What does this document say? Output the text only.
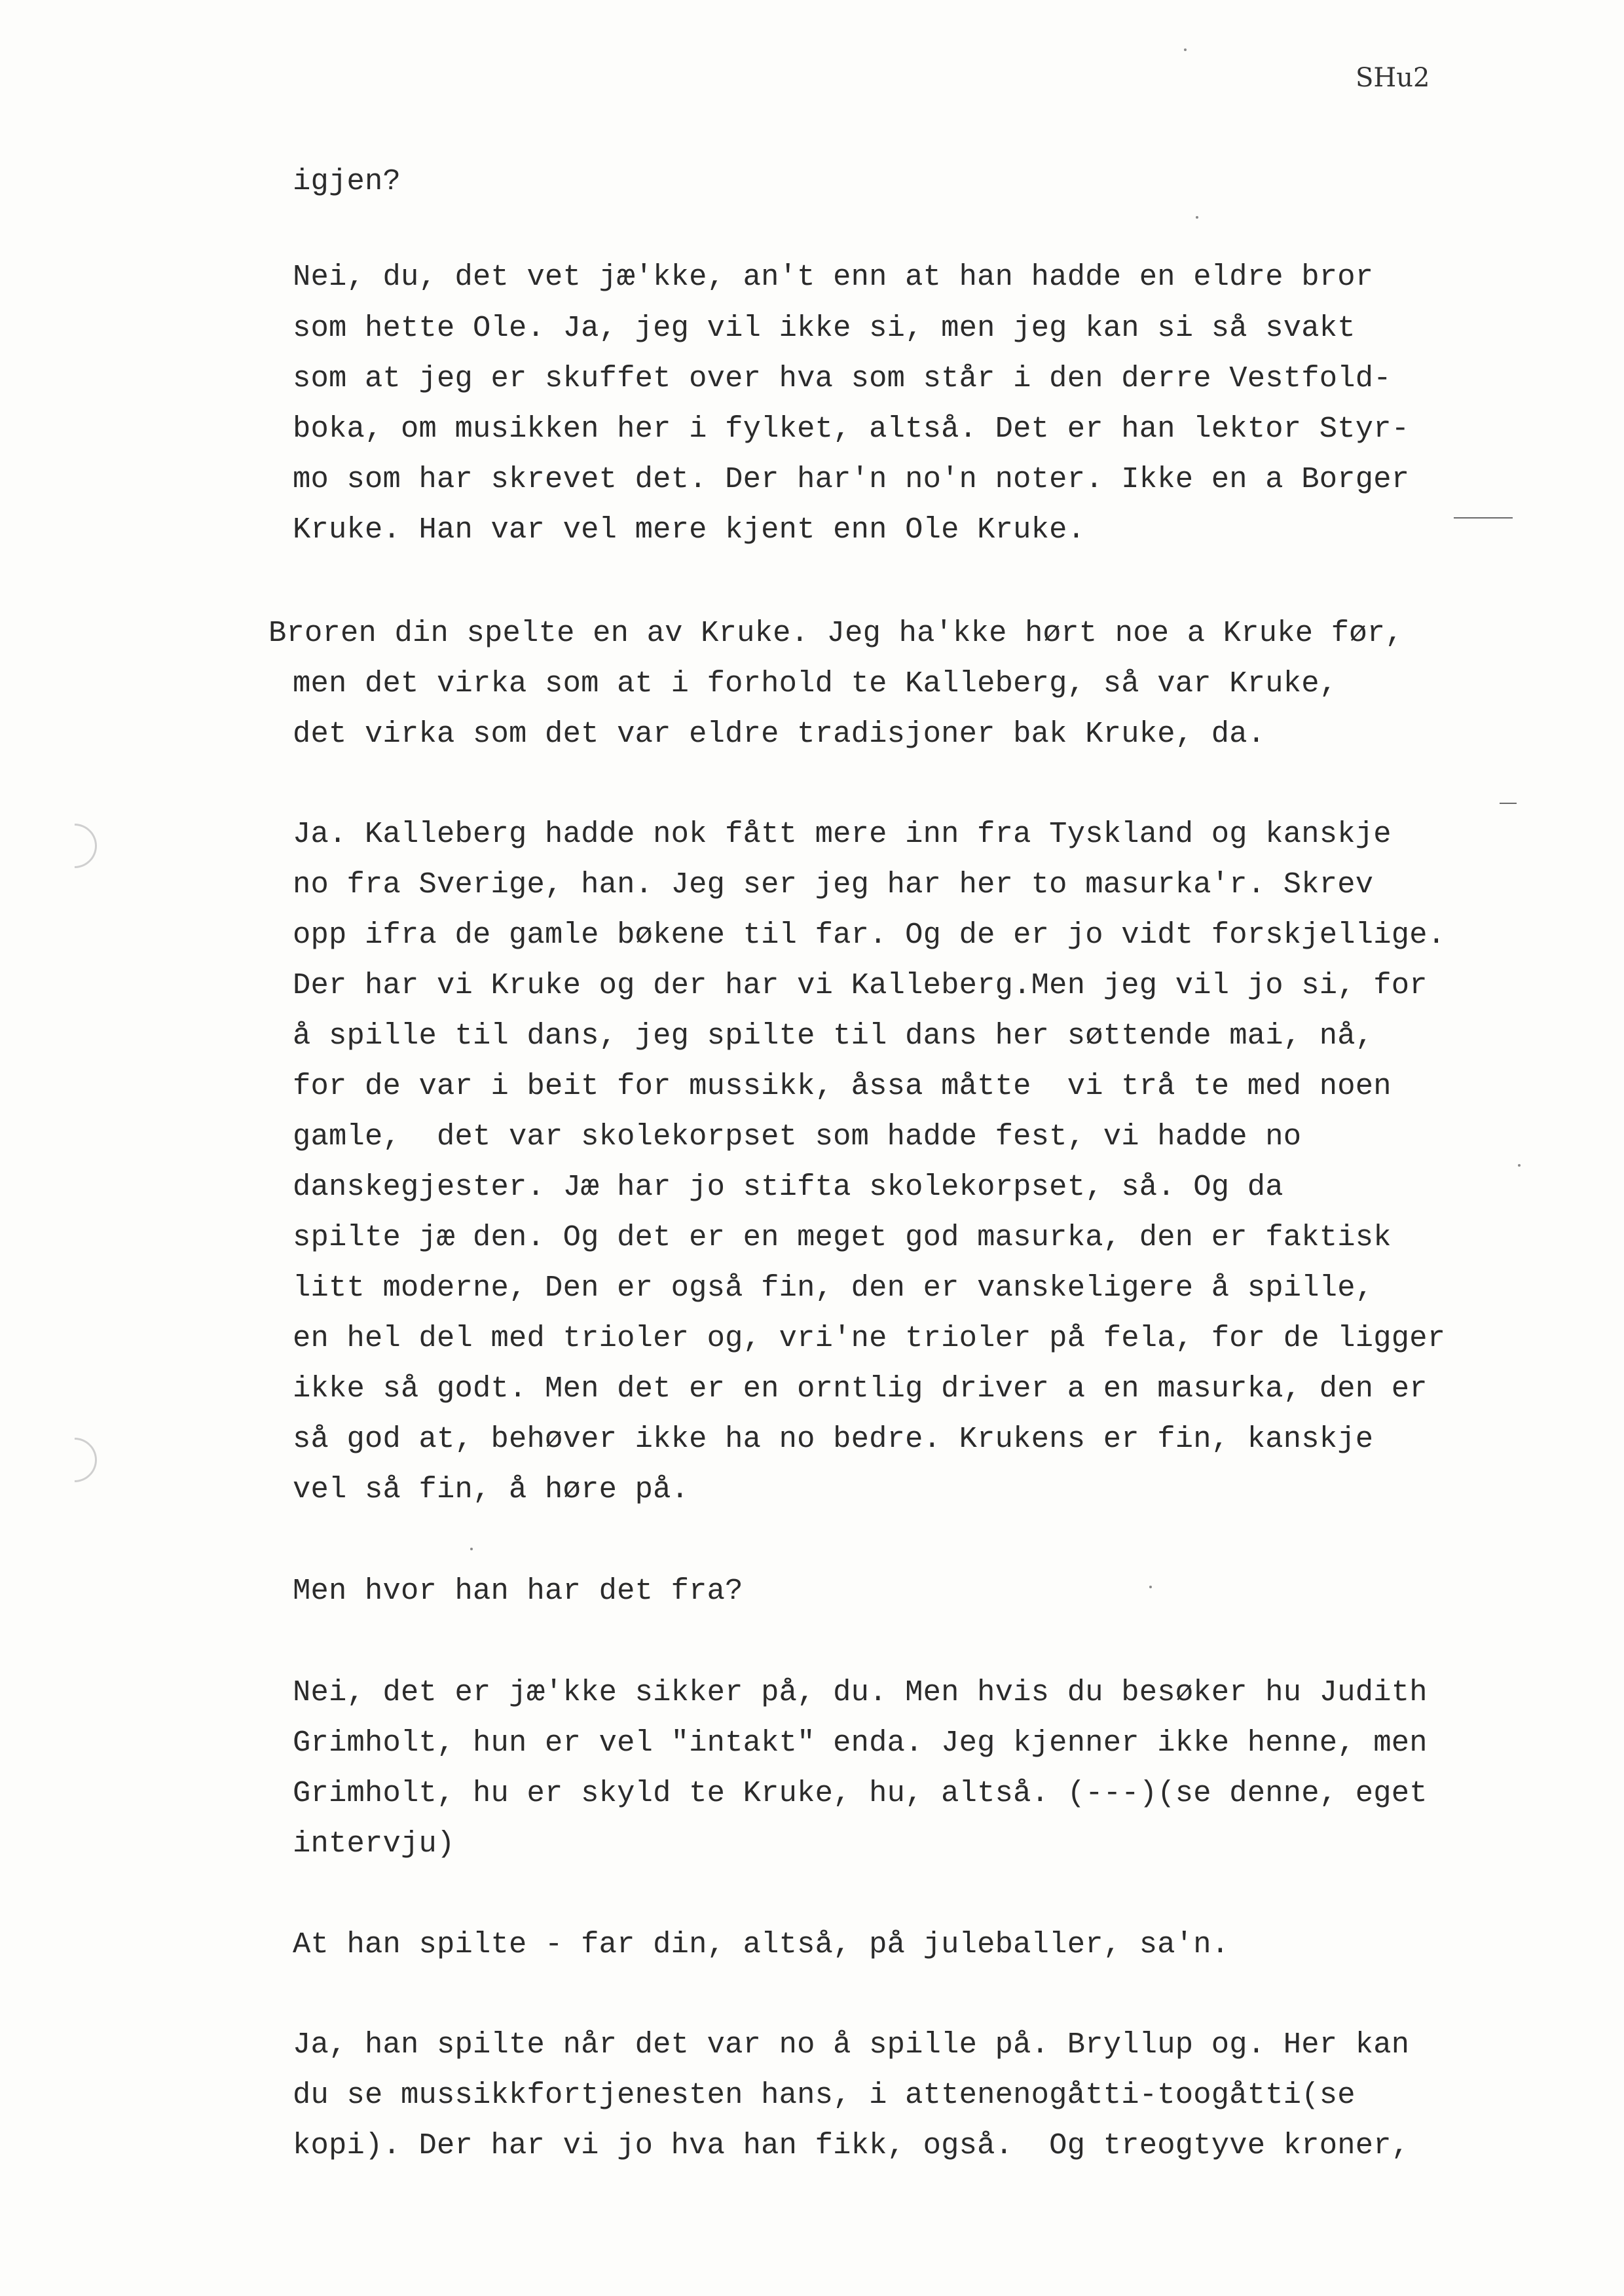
SHu2
igjen?
Nei, du, det vet jæ'kke, an't enn at han hadde en eldre bror
som hette Ole. Ja, jeg vil ikke si, men jeg kan si så svakt
som at jeg er skuffet over hva som står i den derre Vestfold-
boka, om musikken her i fylket, altså. Det er han lektor Styr-
mo som har skrevet det. Der har'n no'n noter. Ikke en a Borger
Kruke. Han var vel mere kjent enn Ole Kruke.
Broren din spelte en av Kruke. Jeg ha'kke hørt noe a Kruke før,
men det virka som at i forhold te Kalleberg, så var Kruke,
det virka som det var eldre tradisjoner bak Kruke, da.
Ja. Kalleberg hadde nok fått mere inn fra Tyskland og kanskje
no fra Sverige, han. Jeg ser jeg har her to masurka'r. Skrev
opp ifra de gamle bøkene til far. Og de er jo vidt forskjellige.
Der har vi Kruke og der har vi Kalleberg.Men jeg vil jo si, for
å spille til dans, jeg spilte til dans her søttende mai, nå,
for de var i beit for mussikk, åssa måtte  vi trå te med noen
gamle,  det var skolekorpset som hadde fest, vi hadde no
danskegjester. Jæ har jo stifta skolekorpset, så. Og da
spilte jæ den. Og det er en meget god masurka, den er faktisk
litt moderne, Den er også fin, den er vanskeligere å spille,
en hel del med trioler og, vri'ne trioler på fela, for de ligger
ikke så godt. Men det er en orntlig driver a en masurka, den er
så god at, behøver ikke ha no bedre. Krukens er fin, kanskje
vel så fin, å høre på.
Men hvor han har det fra?
Nei, det er jæ'kke sikker på, du. Men hvis du besøker hu Judith
Grimholt, hun er vel "intakt" enda. Jeg kjenner ikke henne, men
Grimholt, hu er skyld te Kruke, hu, altså. (---)(se denne, eget
intervju)
At han spilte - far din, altså, på juleballer, sa'n.
Ja, han spilte når det var no å spille på. Bryllup og. Her kan
du se mussikkfortjenesten hans, i attenenogåtti-toogåtti(se
kopi). Der har vi jo hva han fikk, også.  Og treogtyve kroner,
